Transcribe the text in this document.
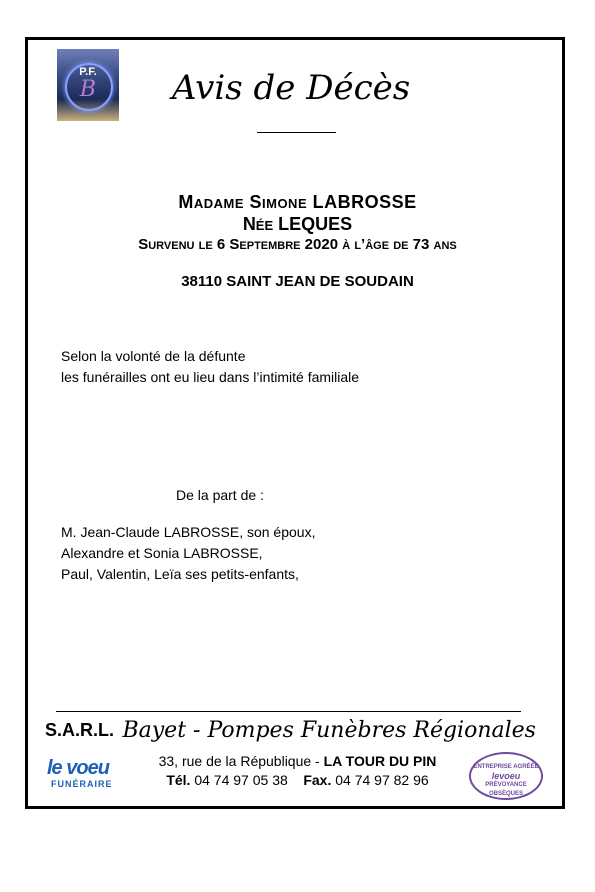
P.F.
B	Avis de Décès
Madame Simone LABROSSE
Née LEQUES
Survenu le 6 Septembre 2020 à l’âge de 73 ans
38110 SAINT JEAN DE SOUDAIN
Selon la volonté de la défunte
les funérailles ont eu lieu dans l’intimité familiale
De la part de :
M. Jean-Claude LABROSSE, son époux,
Alexandre et Sonia LABROSSE,
Paul, Valentin, Leïa ses petits-enfants,
S.A.R.L. Bayet - Pompes Funèbres Régionales
33, rue de la République - LA TOUR DU PIN
Tél. 04 74 97 05 38 Fax. 04 74 97 82 96
le voeu
FUNÉRAIRE
ENTREPRISE AGRÉÉE
levoeu
PRÉVOYANCE OBSÈQUES
